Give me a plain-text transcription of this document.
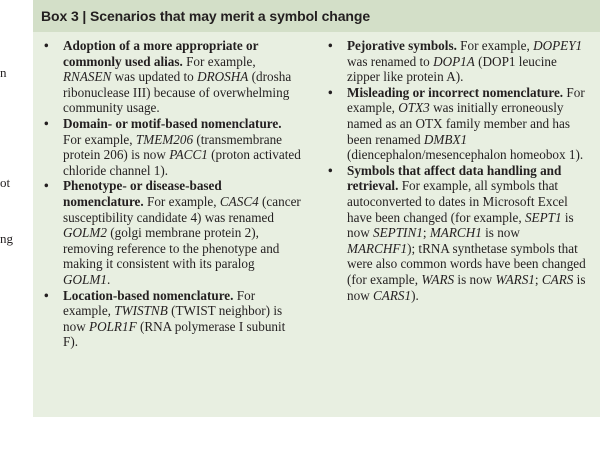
n
ot
ng
Box 3 | Scenarios that may merit a symbol change
• Adoption of a more appropriate or commonly used alias. For example, RNASEN was updated to DROSHA (drosha ribonuclease III) because of overwhelming community usage.
• Domain- or motif-based nomenclature. For example, TMEM206 (transmembrane protein 206) is now PACC1 (proton activated chloride channel 1).
• Phenotype- or disease-based nomenclature. For example, CASC4 (cancer susceptibility candidate 4) was renamed GOLM2 (golgi membrane protein 2), removing reference to the phenotype and making it consistent with its paralog GOLM1.
• Location-based nomenclature. For example, TWISTNB (TWIST neighbor) is now POLR1F (RNA polymerase I subunit F).
• Pejorative symbols. For example, DOPEY1 was renamed to DOP1A (DOP1 leucine zipper like protein A).
• Misleading or incorrect nomenclature. For example, OTX3 was initially erroneously named as an OTX family member and has been renamed DMBX1 (diencephalon/mesencephalon homeobox 1).
• Symbols that affect data handling and retrieval. For example, all symbols that autoconverted to dates in Microsoft Excel have been changed (for example, SEPT1 is now SEPTIN1; MARCH1 is now MARCHF1); tRNA synthetase symbols that were also common words have been changed (for example, WARS is now WARS1; CARS is now CARS1).
